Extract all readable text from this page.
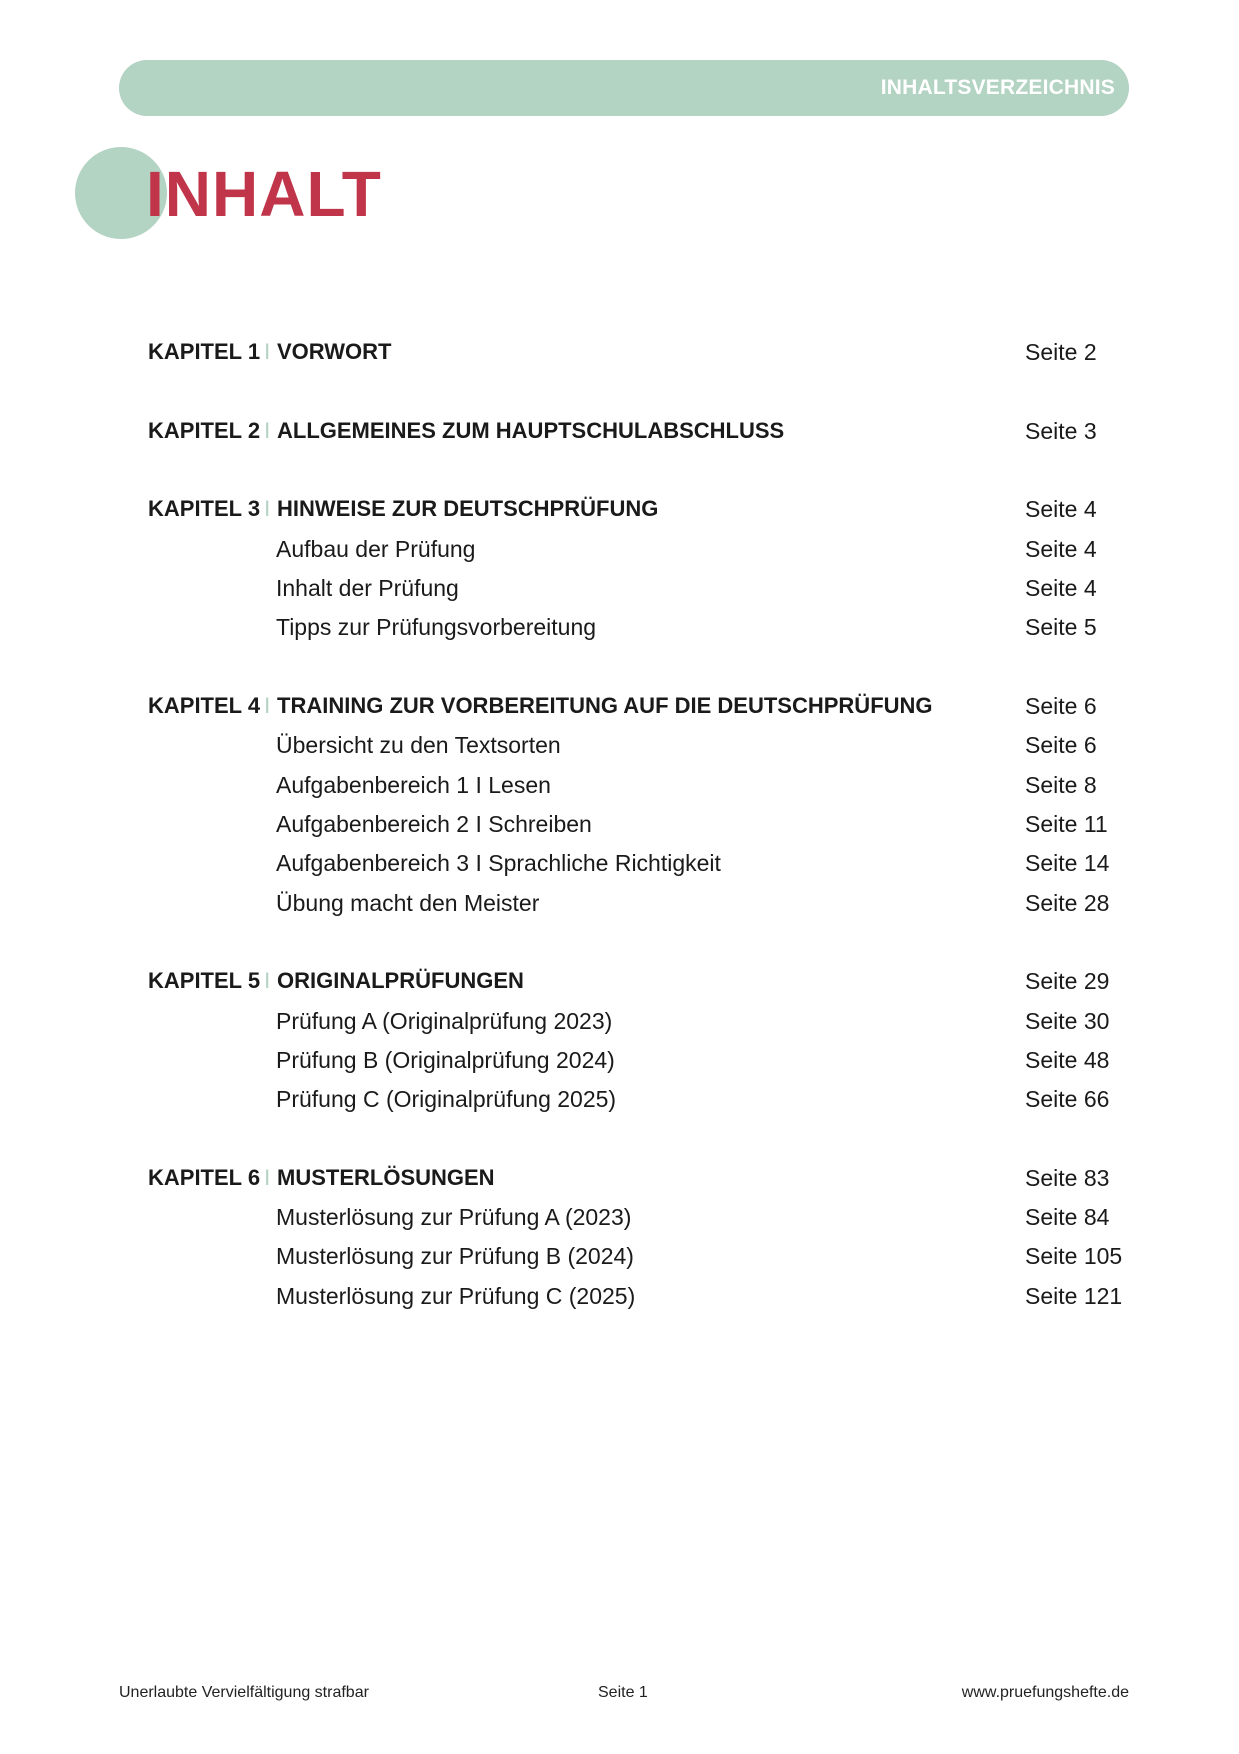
INHALTSVERZEICHNIS
INHALT
KAPITEL 1 I VORWORT	Seite 2
KAPITEL 2 I ALLGEMEINES ZUM HAUPTSCHULABSCHLUSS	Seite 3
KAPITEL 3 I HINWEISE ZUR DEUTSCHPRÜFUNG	Seite 4
Aufbau der Prüfung	Seite 4
Inhalt der Prüfung	Seite 4
Tipps zur Prüfungsvorbereitung	Seite 5
KAPITEL 4 I TRAINING ZUR VORBEREITUNG AUF DIE DEUTSCHPRÜFUNG	Seite 6
Übersicht zu den Textsorten	Seite 6
Aufgabenbereich 1 I Lesen	Seite 8
Aufgabenbereich 2 I Schreiben	Seite 11
Aufgabenbereich 3 I Sprachliche Richtigkeit	Seite 14
Übung macht den Meister	Seite 28
KAPITEL 5 I ORIGINALPRÜFUNGEN	Seite 29
Prüfung A (Originalprüfung 2023)	Seite 30
Prüfung B (Originalprüfung 2024)	Seite 48
Prüfung C (Originalprüfung 2025)	Seite 66
KAPITEL 6 I MUSTERLÖSUNGEN	Seite 83
Musterlösung zur Prüfung A (2023)	Seite 84
Musterlösung zur Prüfung B (2024)	Seite 105
Musterlösung zur Prüfung C (2025)	Seite 121
Unerlaubte Vervielfältigung strafbar	Seite 1	www.pruefungshefte.de
